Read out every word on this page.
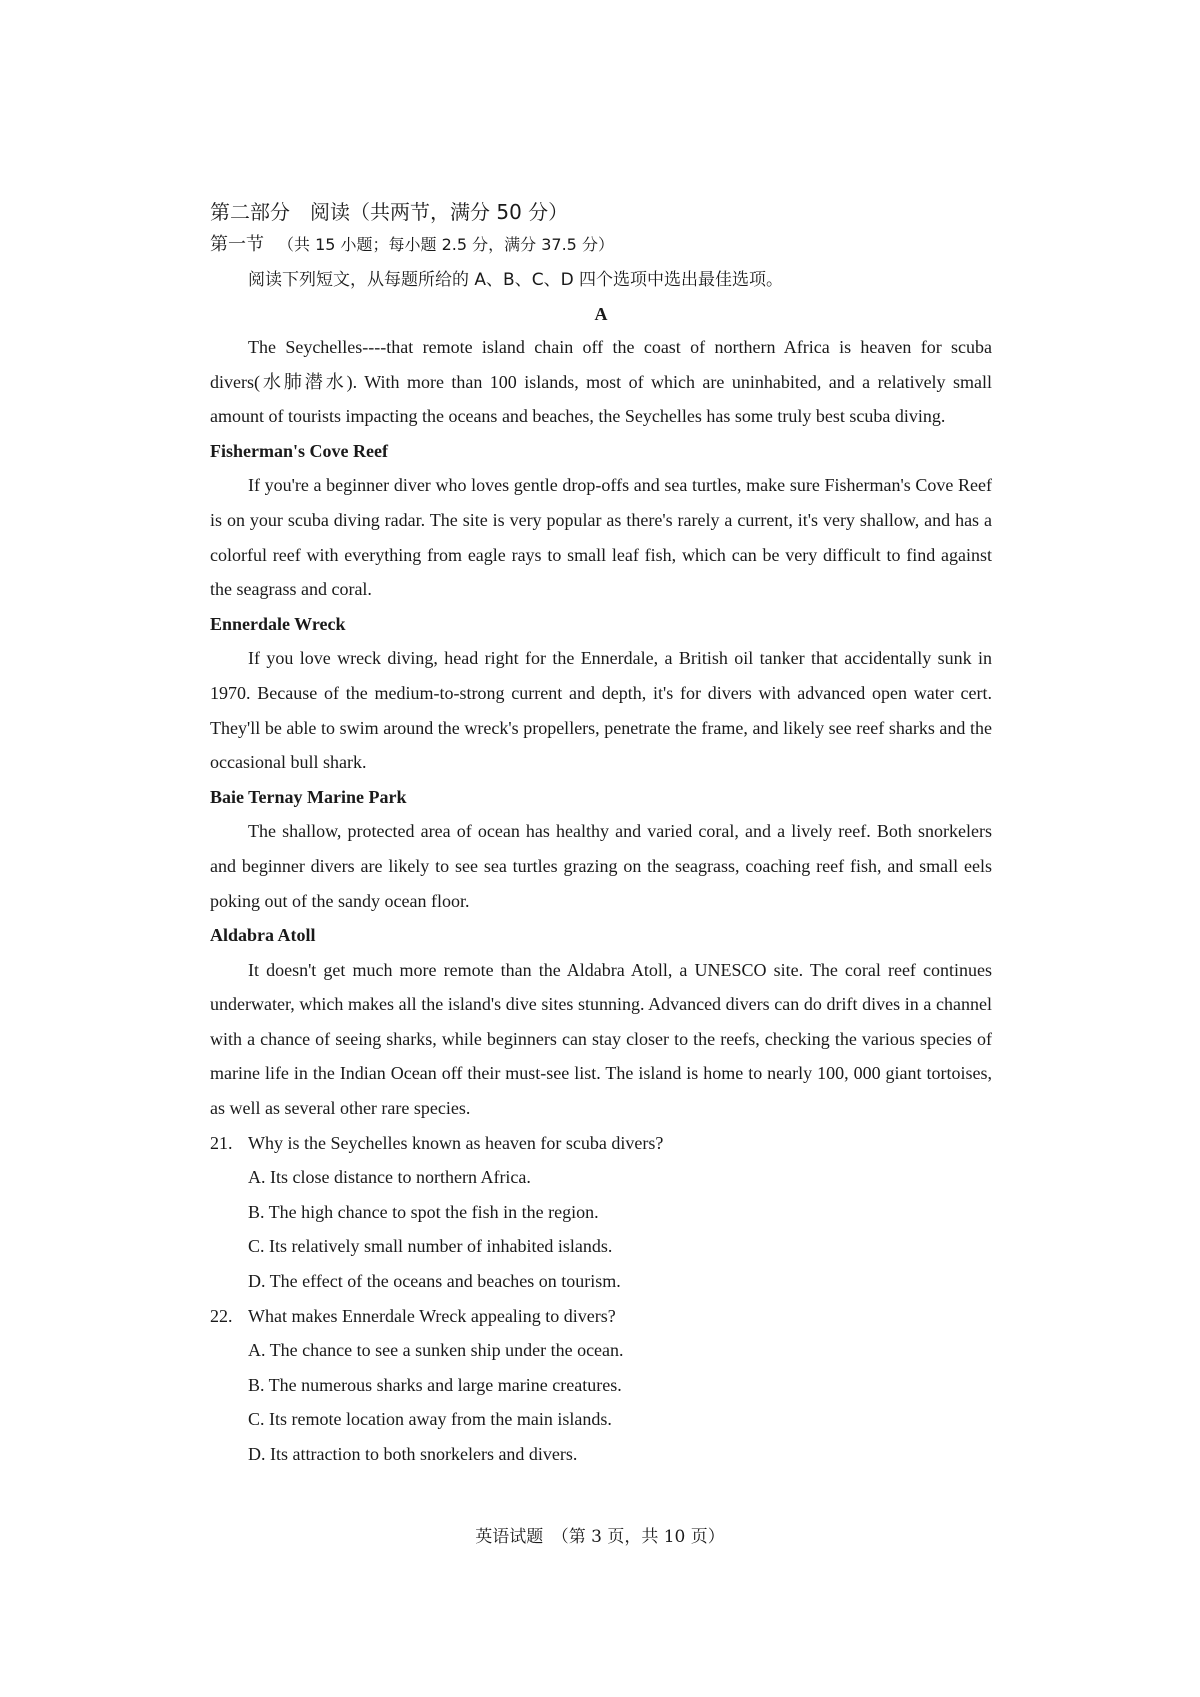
第二部分　阅读（共两节，满分 50 分）

第一节 （共 15 小题；每小题 2.5 分，满分 37.5 分）

阅读下列短文，从每题所给的 A、B、C、D 四个选项中选出最佳选项。

A

The Seychelles----that remote island chain off the coast of northern Africa is heaven for scuba divers(水肺潜水). With more than 100 islands, most of which are uninhabited, and a relatively small amount of tourists impacting the oceans and beaches, the Seychelles has some truly best scuba diving.

Fisherman's Cove Reef

If you're a beginner diver who loves gentle drop-offs and sea turtles, make sure Fisherman's Cove Reef is on your scuba diving radar. The site is very popular as there's rarely a current, it's very shallow, and has a colorful reef with everything from eagle rays to small leaf fish, which can be very difficult to find against the seagrass and coral.

Ennerdale Wreck

If you love wreck diving, head right for the Ennerdale, a British oil tanker that accidentally sunk in 1970. Because of the medium-to-strong current and depth, it's for divers with advanced open water cert. They'll be able to swim around the wreck's propellers, penetrate the frame, and likely see reef sharks and the occasional bull shark.

Baie Ternay Marine Park

The shallow, protected area of ocean has healthy and varied coral, and a lively reef. Both snorkelers and beginner divers are likely to see sea turtles grazing on the seagrass, coaching reef fish, and small eels poking out of the sandy ocean floor.

Aldabra Atoll

It doesn't get much more remote than the Aldabra Atoll, a UNESCO site. The coral reef continues underwater, which makes all the island's dive sites stunning. Advanced divers can do drift dives in a channel with a chance of seeing sharks, while beginners can stay closer to the reefs, checking the various species of marine life in the Indian Ocean off their must-see list. The island is home to nearly 100, 000 giant tortoises, as well as several other rare species.

21. Why is the Seychelles known as heaven for scuba divers?

A. Its close distance to northern Africa.

B. The high chance to spot the fish in the region.

C. Its relatively small number of inhabited islands.

D. The effect of the oceans and beaches on tourism.

22. What makes Ennerdale Wreck appealing to divers?

A. The chance to see a sunken ship under the ocean.

B. The numerous sharks and large marine creatures.

C. Its remote location away from the main islands.

D. Its attraction to both snorkelers and divers.

英语试题　（第 3 页，共 10 页）
